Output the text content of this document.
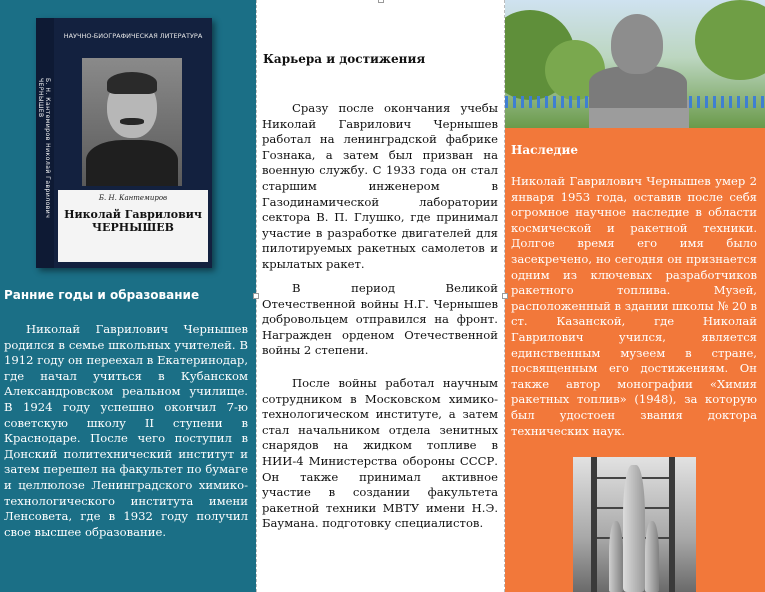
Б. Н. Кантемиров Николай Гаврилович ЧЕРНЫШЕВ
НАУЧНО-БИОГРАФИЧЕСКАЯ ЛИТЕРАТУРА
Б. Н. Кантемиров
Николай Гаврилович ЧЕРНЫШЕВ
Ранние годы и образование

Николай Гаврилович Чернышев родился в семье школьных учителей. В 1912 году он переехал в Екатеринодар, где начал учиться в Кубанском Александровском реальном училище. В 1924 году успешно окончил 7-ю советскую школу II ступени в Краснодаре. После чего поступил в Донский политехнический институт и затем перешел на факультет по бумаге и целлюлозе Ленинградского химико-технологического института имени Ленсовета, где в 1932 году получил свое высшее образование.

Карьера и достижения

Сразу после окончания учебы Николай Гаврилович Чернышев работал на ленинградской фабрике Гознака, а затем был призван на военную службу. С 1933 года он стал старшим инженером в Газодинамической лаборатории сектора В. П. Глушко, где принимал участие в разработке двигателей для пилотируемых ракетных самолетов и крылатых ракет.

В период Великой Отечественной войны Н.Г. Чернышев добровольцем отправился на фронт. Награжден орденом Отечественной войны 2 степени.

После войны работал научным сотрудником в Московском химико-технологическом институте, а затем стал начальником отдела зенитных снарядов на жидком топливе в НИИ-4 Министерства обороны СССР. Он также принимал активное участие в создании факультета ракетной техники МВТУ имени Н.Э. Баумана. подготовку специалистов.

Наследие

Николай Гаврилович Чернышев умер 2 января 1953 года, оставив после себя огромное научное наследие в области космической и ракетной техники. Долгое время его имя было засекречено, но сегодня он признается одним из ключевых разработчиков ракетного топлива. Музей, расположенный в здании школы № 20 в ст. Казанской, где Николай Гаврилович учился, является единственным музеем в стране, посвященным его достижениям. Он также автор монографии «Химия ракетных топлив» (1948), за которую был удостоен звания доктора технических наук.
